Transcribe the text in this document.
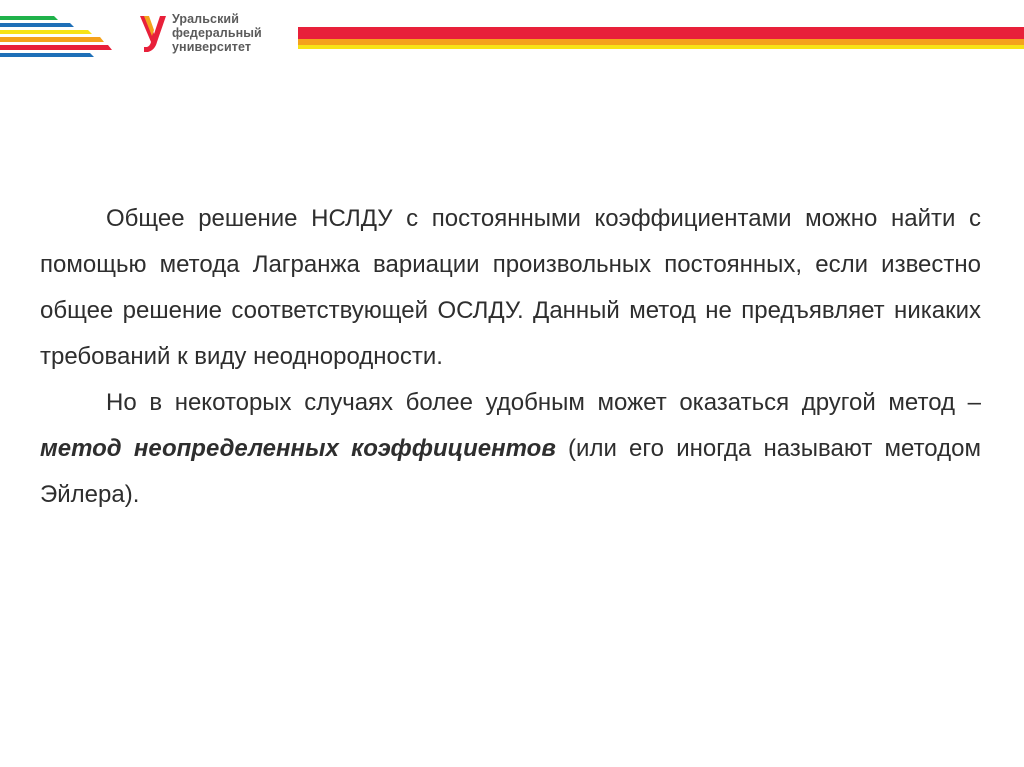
Уральский
федеральный
университет

Общее решение НСЛДУ с постоянными коэффициентами можно найти с помощью метода Лагранжа вариации произвольных постоянных, если известно общее решение соответствующей ОСЛДУ. Данный метод не предъявляет никаких требований к виду неоднородности.

Но в некоторых случаях более удобным может оказаться другой метод – метод неопределенных коэффициентов (или его иногда называют методом Эйлера).
